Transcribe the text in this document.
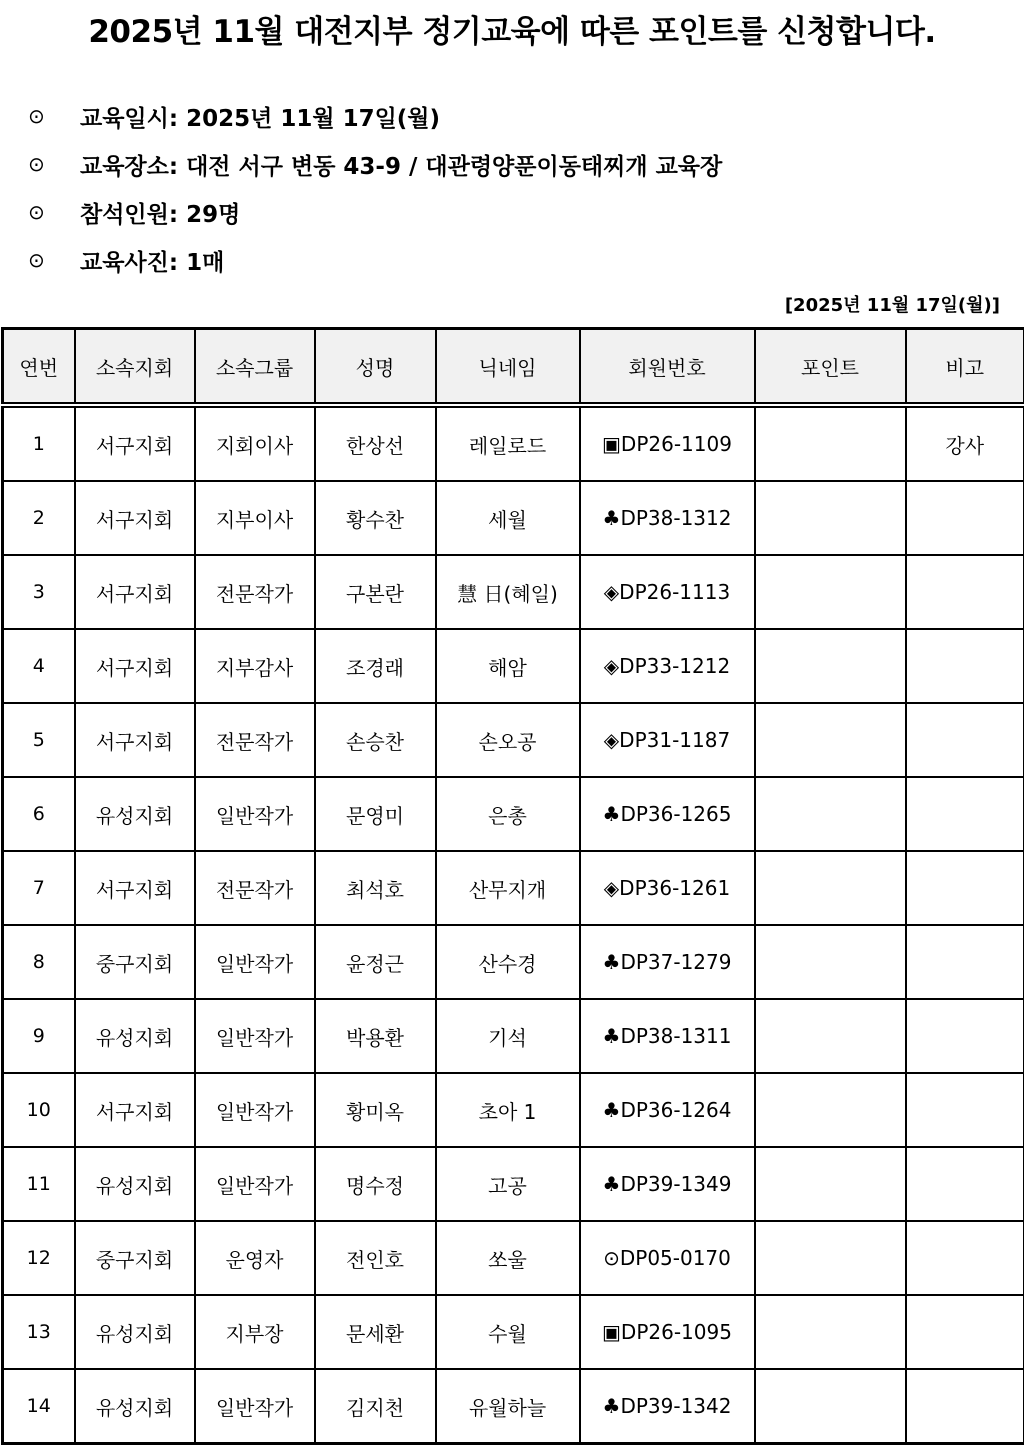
2025년 11월 대전지부 정기교육에 따른 포인트를 신청합니다.
⊙	교육일시:
2025년 11월 17일(월)
⊙	교육장소:
대전 서구 변동 43-9 / 대관령양푼이동태찌개 교육장
⊙	참석인원:
29명
⊙	교육사진:
1매
[2025년 11월 17일(월)]
연번	소속지회	소속그룹	성명	닉네임	회원번호	포인트	비고
1	서구지회	지회이사	한상선	레일로드	▣DP26-1109		강사
2	서구지회	지부이사	황수찬	세월	♣DP38-1312		
3	서구지회	전문작가	구본란	慧 日(혜일)	◈DP26-1113		
4	서구지회	지부감사	조경래	해암	◈DP33-1212		
5	서구지회	전문작가	손승찬	손오공	◈DP31-1187		
6	유성지회	일반작가	문영미	은총	♣DP36-1265		
7	서구지회	전문작가	최석호	산무지개	◈DP36-1261		
8	중구지회	일반작가	윤정근	산수경	♣DP37-1279		
9	유성지회	일반작가	박용환	기석	♣DP38-1311		
10	서구지회	일반작가	황미옥	초아 1	♣DP36-1264		
11	유성지회	일반작가	명수정	고공	♣DP39-1349		
12	중구지회	운영자	전인호	쏘울	⊙DP05-0170		
13	유성지회	지부장	문세환	수월	▣DP26-1095		
14	유성지회	일반작가	김지천	유월하늘	♣DP39-1342		
